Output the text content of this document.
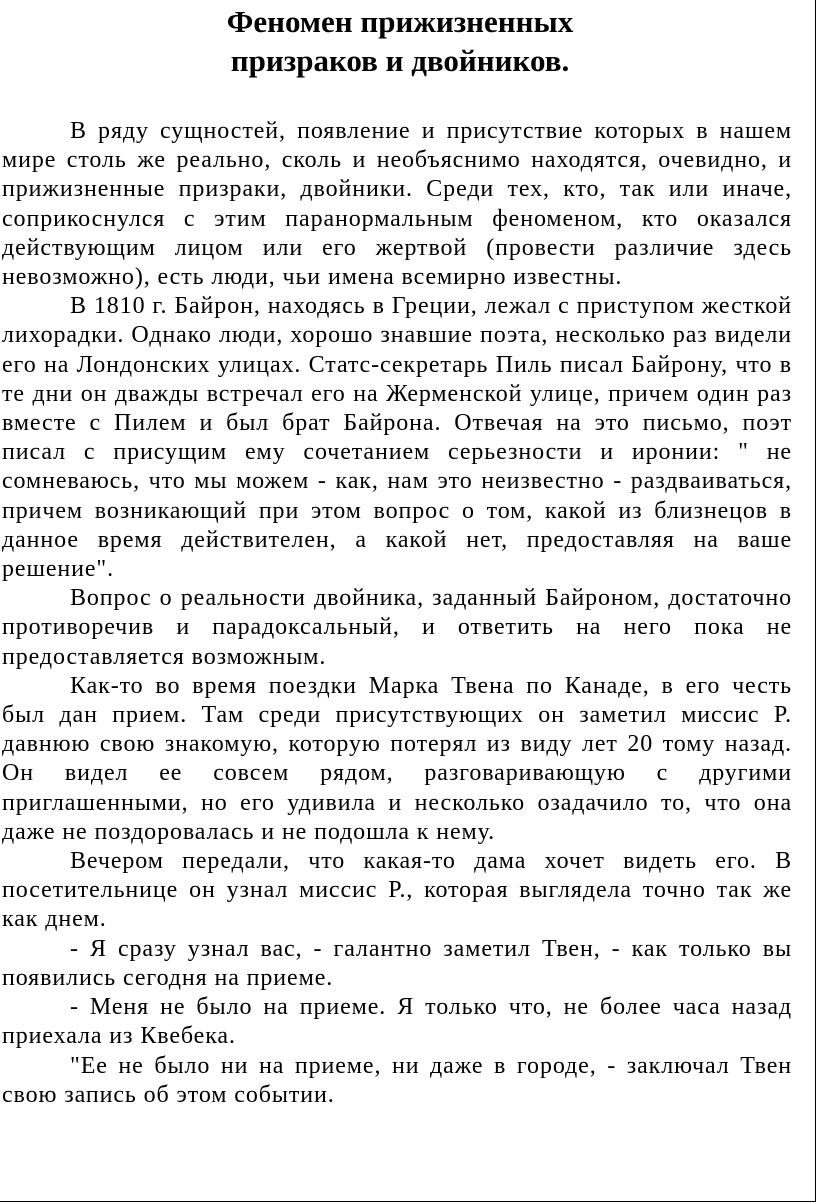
Феномен прижизненных
призраков и двойников.

В ряду сущностей, появление и присутствие которых в нашем мире столь же реально, сколь и необъяснимо находятся, очевидно, и прижизненные призраки, двойники. Среди тех, кто, так или иначе, соприкоснулся с этим паранормальным феноменом, кто оказался действующим лицом или его жертвой (провести различие здесь невозможно), есть люди, чьи имена всемирно известны.

В 1810 г. Байрон, находясь в Греции, лежал с приступом жесткой лихорадки. Однако люди, хорошо знавшие поэта, несколько раз видели его на Лондонских улицах. Статс-секретарь Пиль писал Байрону, что в те дни он дважды встречал его на Жерменской улице, причем один раз вместе с Пилем и был брат Байрона. Отвечая на это письмо, поэт писал с присущим ему сочетанием серьезности и иронии: " не сомневаюсь, что мы можем - как, нам это неизвестно - раздваиваться, причем возникающий при этом вопрос о том, какой из близнецов в данное время действителен, а какой нет, предоставляя на ваше решение".

Вопрос о реальности двойника, заданный Байроном, достаточно противоречив и парадоксальный, и ответить на него пока не предоставляется возможным.

Как-то во время поездки Марка Твена по Канаде, в его честь был дан прием. Там среди присутствующих он заметил миссис Р. давнюю свою знакомую, которую потерял из виду лет 20 тому назад. Он видел ее совсем рядом, разговаривающую с другими приглашенными, но его удивила и несколько озадачило то, что она даже не поздоровалась и не подошла к нему.

Вечером передали, что какая-то дама хочет видеть его. В посетительнице он узнал миссис Р., которая выглядела точно так же как днем.

- Я сразу узнал вас, - галантно заметил Твен, - как только вы появились сегодня на приеме.

- Меня не было на приеме. Я только что, не более часа назад приехала из Квебека.

"Ее не было ни на приеме, ни даже в городе, - заключал Твен свою запись об этом событии.
